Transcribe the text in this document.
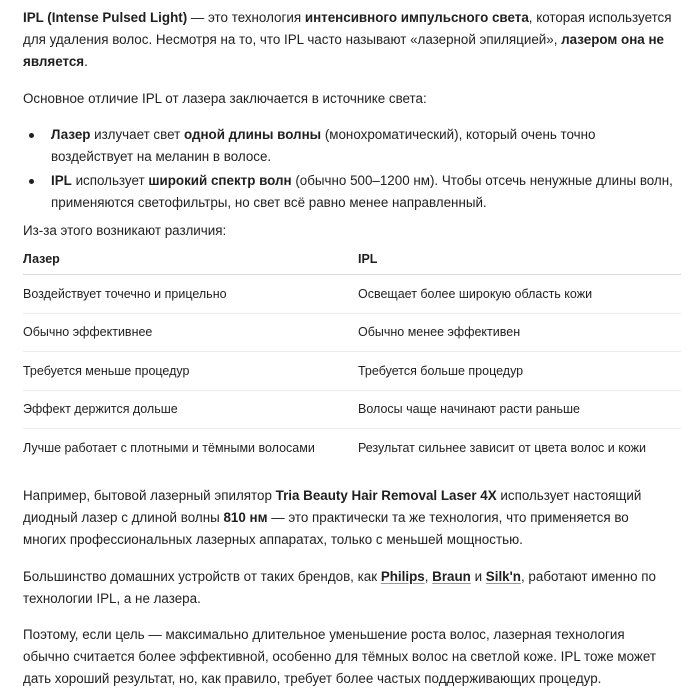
IPL (Intense Pulsed Light) — это технология интенсивного импульсного света, которая используется для удаления волос. Несмотря на то, что IPL часто называют «лазерной эпиляцией», лазером она не является.

Основное отличие IPL от лазера заключается в источнике света:

Лазер излучает свет одной длины волны (монохроматический), который очень точно воздействует на меланин в волосе.
IPL использует широкий спектр волн (обычно 500–1200 нм). Чтобы отсечь ненужные длины волн, применяются светофильтры, но свет всё равно менее направленный.

Из-за этого возникают различия:

Лазер	IPL
Воздействует точечно и прицельно	Освещает более широкую область кожи
Обычно эффективнее	Обычно менее эффективен
Требуется меньше процедур	Требуется больше процедур
Эффект держится дольше	Волосы чаще начинают расти раньше
Лучше работает с плотными и тёмными волосами	Результат сильнее зависит от цвета волос и кожи

Например, бытовой лазерный эпилятор Tria Beauty Hair Removal Laser 4X использует настоящий диодный лазер с длиной волны 810 нм — это практически та же технология, что применяется во многих профессиональных лазерных аппаратах, только с меньшей мощностью.

Большинство домашних устройств от таких брендов, как Philips, Braun и Silk'n, работают именно по технологии IPL, а не лазера.

Поэтому, если цель — максимально длительное уменьшение роста волос, лазерная технология обычно считается более эффективной, особенно для тёмных волос на светлой коже. IPL тоже может дать хороший результат, но, как правило, требует более частых поддерживающих процедур.
